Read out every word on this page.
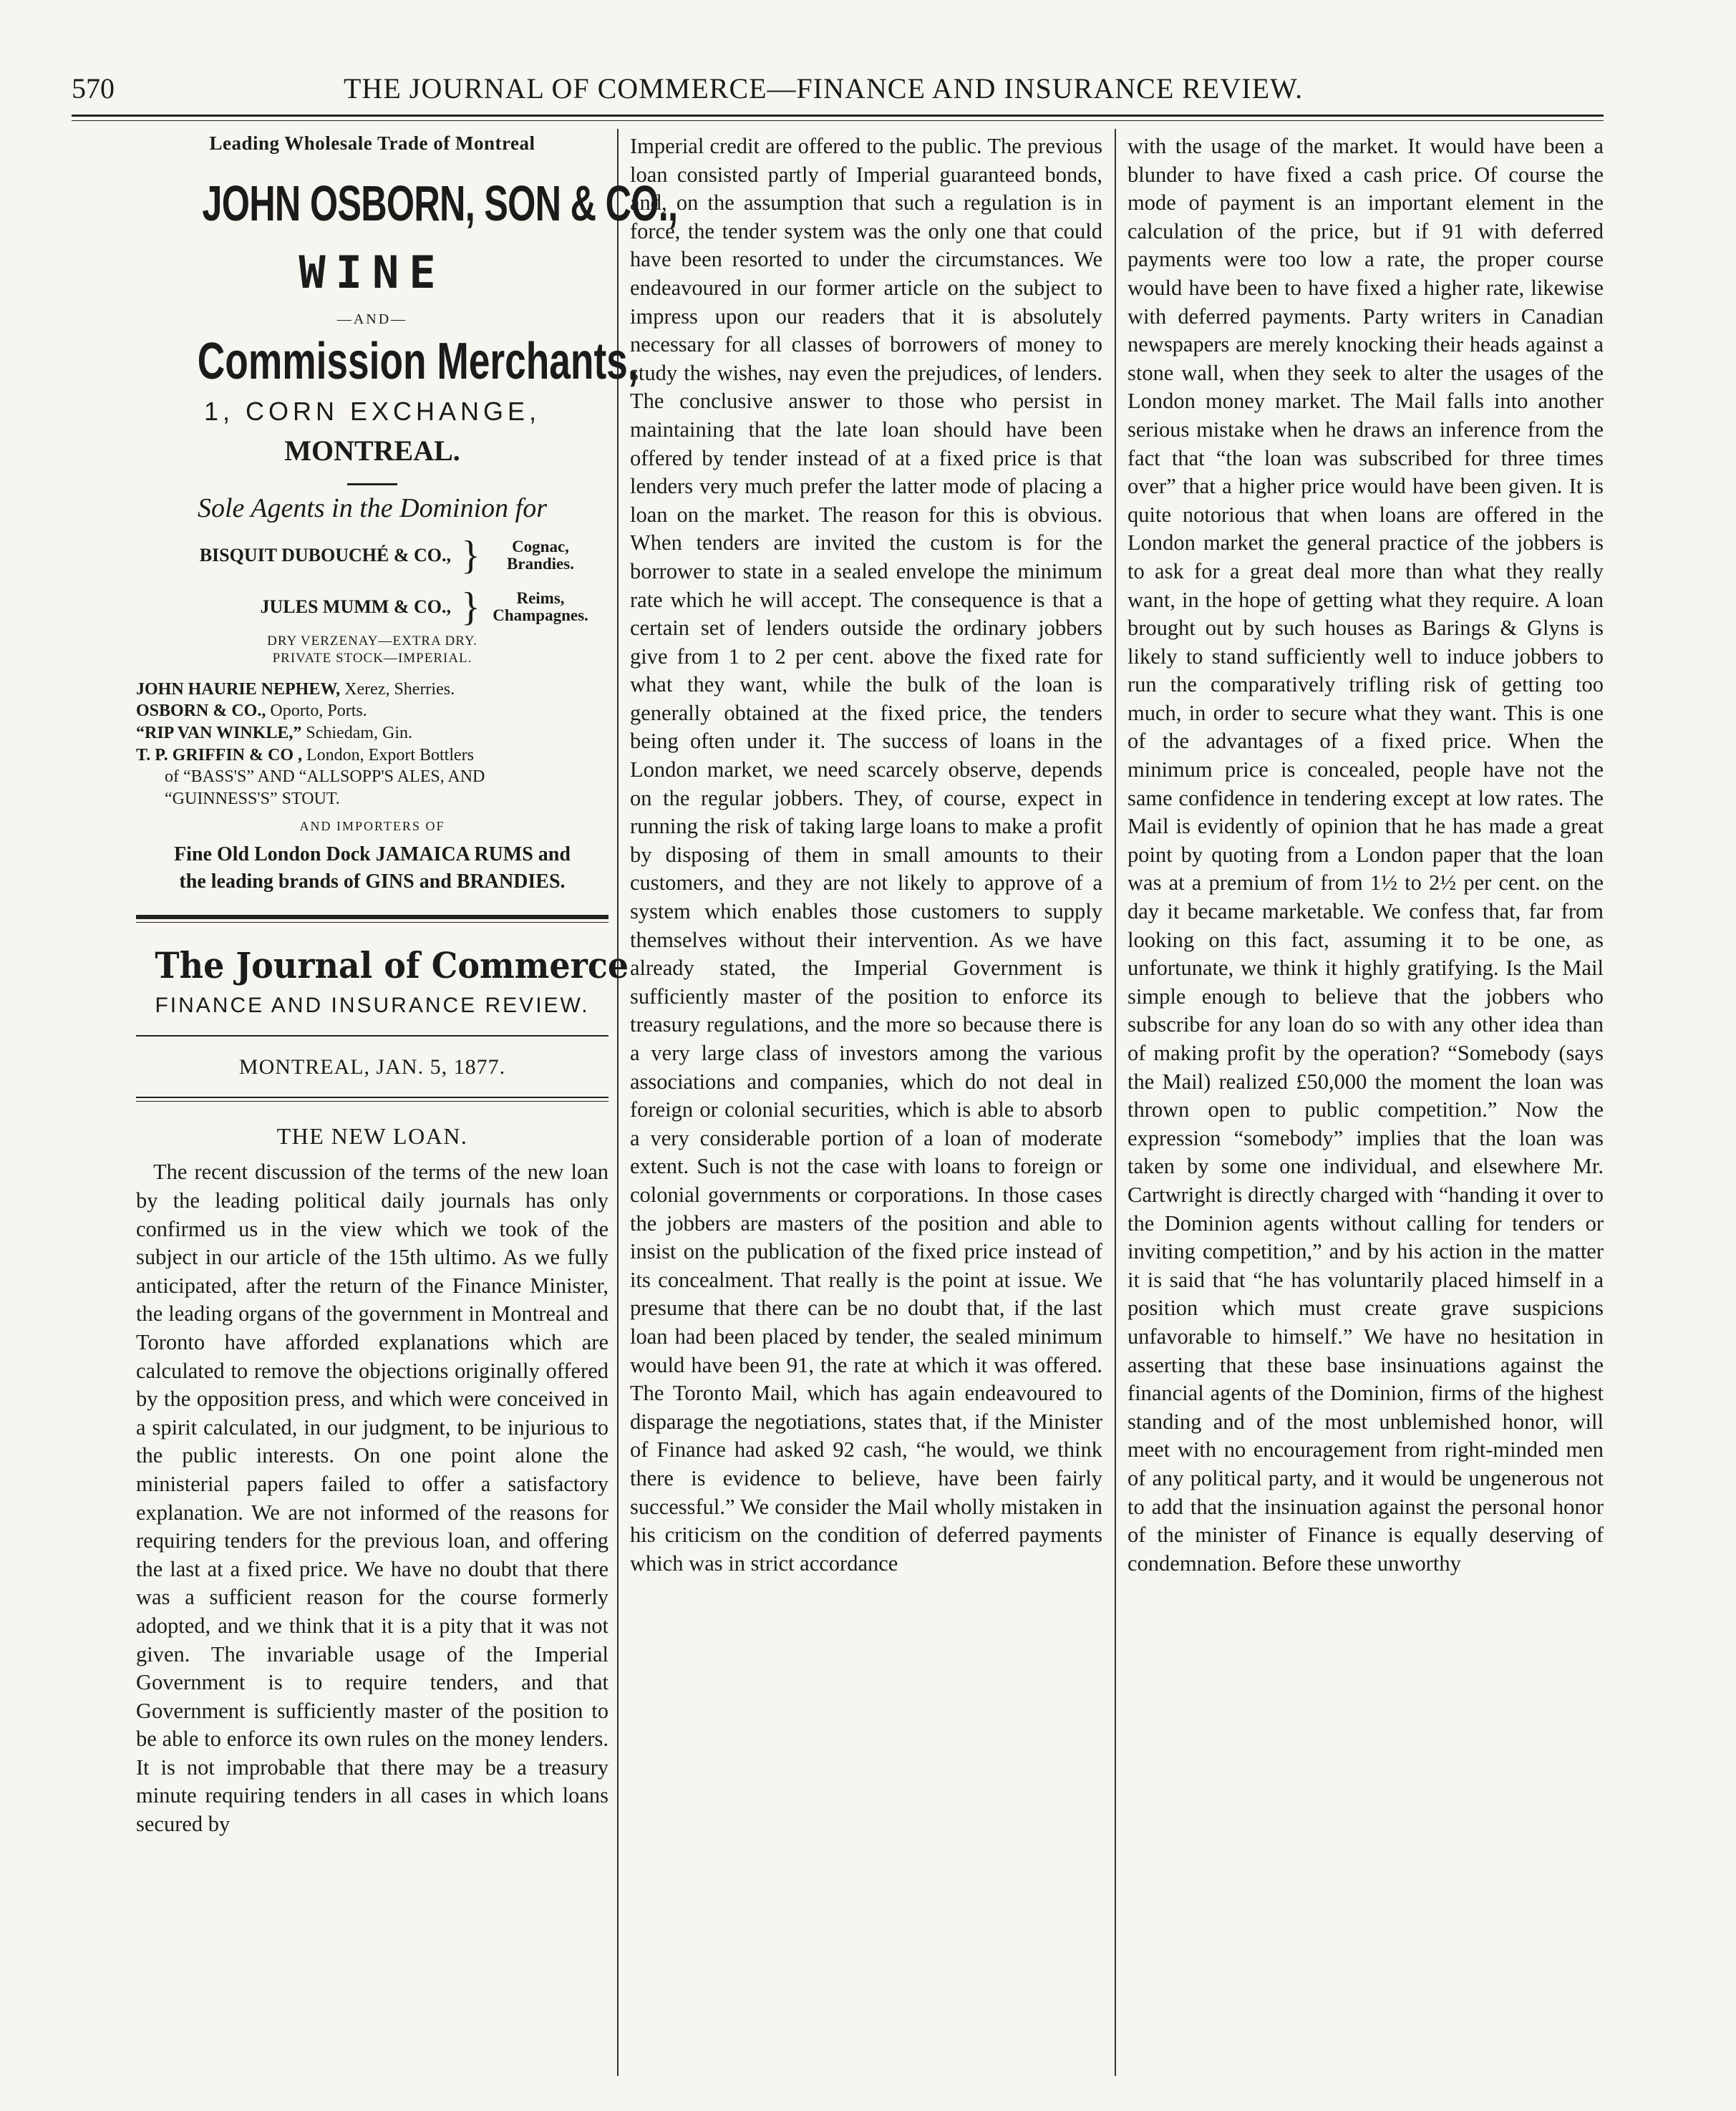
570	THE JOURNAL OF COMMERCE—FINANCE AND INSURANCE REVIEW.
Leading Wholesale Trade of Montreal
JOHN OSBORN, SON & CO.,
WINE
—AND—
Commission Merchants,
1, CORN EXCHANGE,
MONTREAL.
Sole Agents in the Dominion for
BISQUIT DUBOUCHÉ & CO., }	Cognac,
Brandies.
JULES MUMM & CO., }	Reims,
Champagnes.
DRY VERZENAY—EXTRA DRY.
PRIVATE STOCK—IMPERIAL.
JOHN HAURIE NEPHEW, Xerez, Sherries.
OSBORN & CO., Oporto, Ports.
“RIP VAN WINKLE,” Schiedam, Gin.
T. P. GRIFFIN & CO , London, Export Bottlers
of “BASS'S” AND “ALLSOPP'S ALES, AND
“GUINNESS'S” STOUT.
AND IMPORTERS OF
Fine Old London Dock JAMAICA RUMS and
the leading brands of GINS and BRANDIES.
The Journal of Commerce
FINANCE AND INSURANCE REVIEW.
MONTREAL, JAN. 5, 1877.
THE NEW LOAN.

The recent discussion of the terms of the new loan by the leading political daily journals has only confirmed us in the view which we took of the subject in our article of the 15th ultimo. As we fully anticipated, after the return of the Finance Minister, the leading organs of the government in Montreal and Toronto have afforded explanations which are calculated to remove the objections originally offered by the opposition press, and which were conceived in a spirit calculated, in our judgment, to be injurious to the public interests. On one point alone the ministerial papers failed to offer a satisfactory explanation. We are not informed of the reasons for requiring tenders for the previous loan, and offering the last at a fixed price. We have no doubt that there was a sufficient reason for the course formerly adopted, and we think that it is a pity that it was not given. The invariable usage of the Imperial Government is to require tenders, and that Government is sufficiently master of the position to be able to enforce its own rules on the money lenders. It is not improbable that there may be a treasury minute requiring tenders in all cases in which loans secured by

Imperial credit are offered to the public. The previous loan consisted partly of Imperial guaranteed bonds, and, on the assumption that such a regulation is in force, the tender system was the only one that could have been resorted to under the circumstances. We endeavoured in our former article on the subject to impress upon our readers that it is absolutely necessary for all classes of borrowers of money to study the wishes, nay even the prejudices, of lenders. The conclusive answer to those who persist in maintaining that the late loan should have been offered by tender instead of at a fixed price is that lenders very much prefer the latter mode of placing a loan on the market. The reason for this is obvious. When tenders are invited the custom is for the borrower to state in a sealed envelope the minimum rate which he will accept. The consequence is that a certain set of lenders outside the ordinary jobbers give from 1 to 2 per cent. above the fixed rate for what they want, while the bulk of the loan is generally obtained at the fixed price, the tenders being often under it. The success of loans in the London market, we need scarcely observe, depends on the regular jobbers. They, of course, expect in running the risk of taking large loans to make a profit by disposing of them in small amounts to their customers, and they are not likely to approve of a system which enables those customers to supply themselves without their intervention. As we have already stated, the Imperial Government is sufficiently master of the position to enforce its treasury regulations, and the more so because there is a very large class of investors among the various associations and companies, which do not deal in foreign or colonial securities, which is able to absorb a very considerable portion of a loan of moderate extent. Such is not the case with loans to foreign or colonial governments or corporations. In those cases the jobbers are masters of the position and able to insist on the publication of the fixed price instead of its concealment. That really is the point at issue. We presume that there can be no doubt that, if the last loan had been placed by tender, the sealed minimum would have been 91, the rate at which it was offered. The Toronto Mail, which has again endeavoured to disparage the negotiations, states that, if the Minister of Finance had asked 92 cash, “he would, we think there is evidence to believe, have been fairly successful.” We consider the Mail wholly mistaken in his criticism on the condition of deferred payments which was in strict accordance

with the usage of the market. It would have been a blunder to have fixed a cash price. Of course the mode of payment is an important element in the calculation of the price, but if 91 with deferred payments were too low a rate, the proper course would have been to have fixed a higher rate, likewise with deferred payments. Party writers in Canadian newspapers are merely knocking their heads against a stone wall, when they seek to alter the usages of the London money market. The Mail falls into another serious mistake when he draws an inference from the fact that “the loan was subscribed for three times over” that a higher price would have been given. It is quite notorious that when loans are offered in the London market the general practice of the jobbers is to ask for a great deal more than what they really want, in the hope of getting what they require. A loan brought out by such houses as Barings & Glyns is likely to stand sufficiently well to induce jobbers to run the comparatively trifling risk of getting too much, in order to secure what they want. This is one of the advantages of a fixed price. When the minimum price is concealed, people have not the same confidence in tendering except at low rates. The Mail is evidently of opinion that he has made a great point by quoting from a London paper that the loan was at a premium of from 1½ to 2½ per cent. on the day it became marketable. We confess that, far from looking on this fact, assuming it to be one, as unfortunate, we think it highly gratifying. Is the Mail simple enough to believe that the jobbers who subscribe for any loan do so with any other idea than of making profit by the operation? “Somebody (says the Mail) realized £50,000 the moment the loan was thrown open to public competition.” Now the expression “somebody” implies that the loan was taken by some one individual, and elsewhere Mr. Cartwright is directly charged with “handing it over to the Dominion agents without calling for tenders or inviting competition,” and by his action in the matter it is said that “he has voluntarily placed himself in a position which must create grave suspicions unfavorable to himself.” We have no hesitation in asserting that these base insinuations against the financial agents of the Dominion, firms of the highest standing and of the most unblemished honor, will meet with no encouragement from right-minded men of any political party, and it would be ungenerous not to add that the insinuation against the personal honor of the minister of Finance is equally deserving of condemnation. Before these unworthy
